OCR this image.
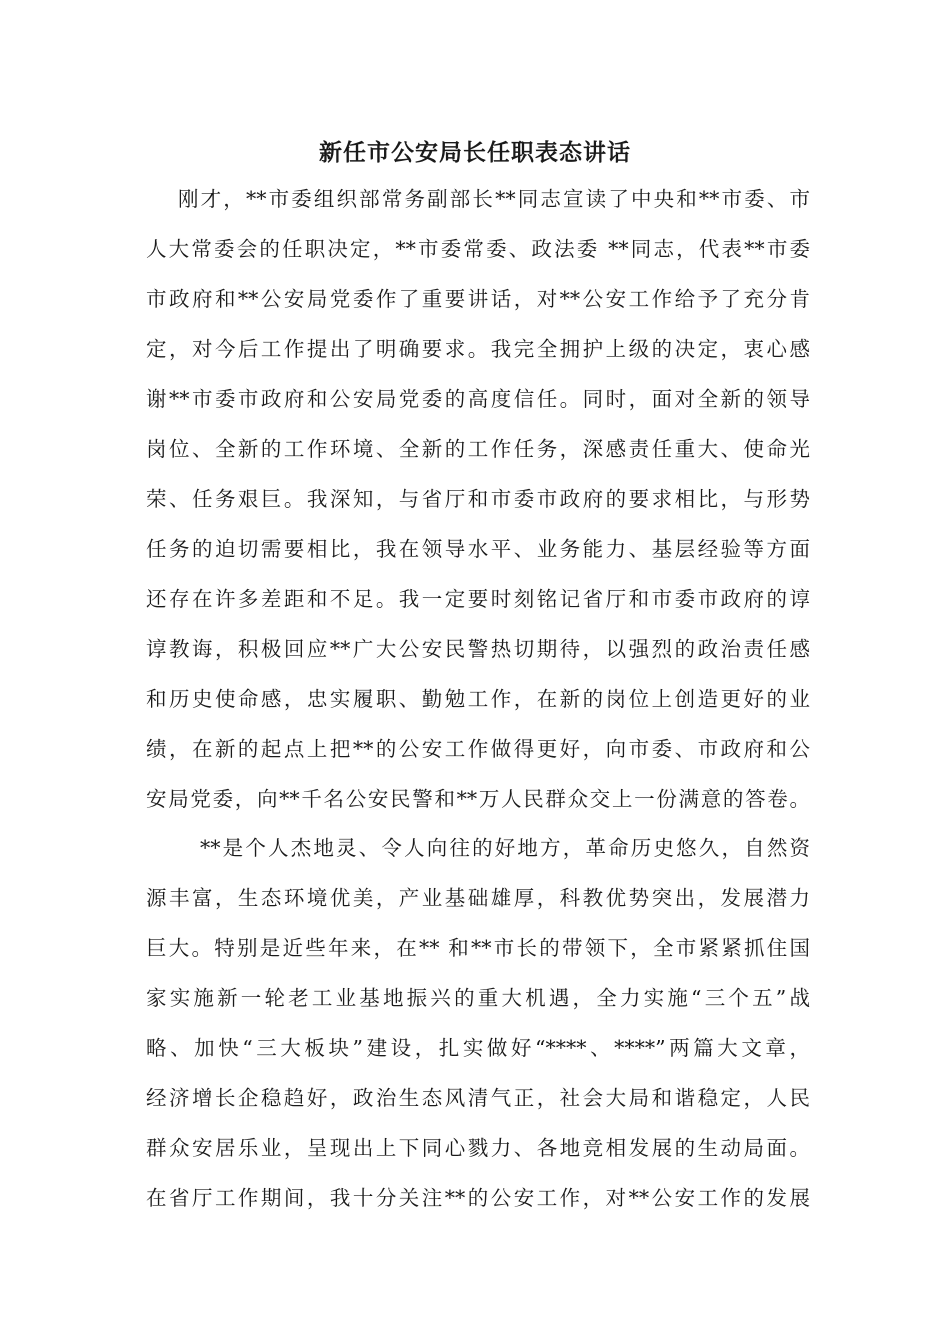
新任市公安局长任职表态讲话

刚才，**市委组织部常务副部长**同志宣读了中央和**市委、市

人大常委会的任职决定，**市委常委、政法委 **同志，代表**市委

市政府和**公安局党委作了重要讲话，对**公安工作给予了充分肯

定，对今后工作提出了明确要求。我完全拥护上级的决定，衷心感

谢**市委市政府和公安局党委的高度信任。同时，面对全新的领导

岗位、全新的工作环境、全新的工作任务，深感责任重大、使命光

荣、任务艰巨。我深知，与省厅和市委市政府的要求相比，与形势

任务的迫切需要相比，我在领导水平、业务能力、基层经验等方面

还存在许多差距和不足。我一定要时刻铭记省厅和市委市政府的谆

谆教诲，积极回应**广大公安民警热切期待，以强烈的政治责任感

和历史使命感，忠实履职、勤勉工作，在新的岗位上创造更好的业

绩，在新的起点上把**的公安工作做得更好，向市委、市政府和公

安局党委，向**千名公安民警和**万人民群众交上一份满意的答卷。

**是个人杰地灵、令人向往的好地方，革命历史悠久，自然资

源丰富，生态环境优美，产业基础雄厚，科教优势突出，发展潜力

巨大。特别是近些年来，在** 和**市长的带领下，全市紧紧抓住国

家实施新一轮老工业基地振兴的重大机遇，全力实施“三个五”战

略、加快“三大板块”建设，扎实做好“****、****”两篇大文章，

经济增长企稳趋好，政治生态风清气正，社会大局和谐稳定，人民

群众安居乐业，呈现出上下同心戮力、各地竞相发展的生动局面。

在省厅工作期间，我十分关注**的公安工作，对**公安工作的发展
